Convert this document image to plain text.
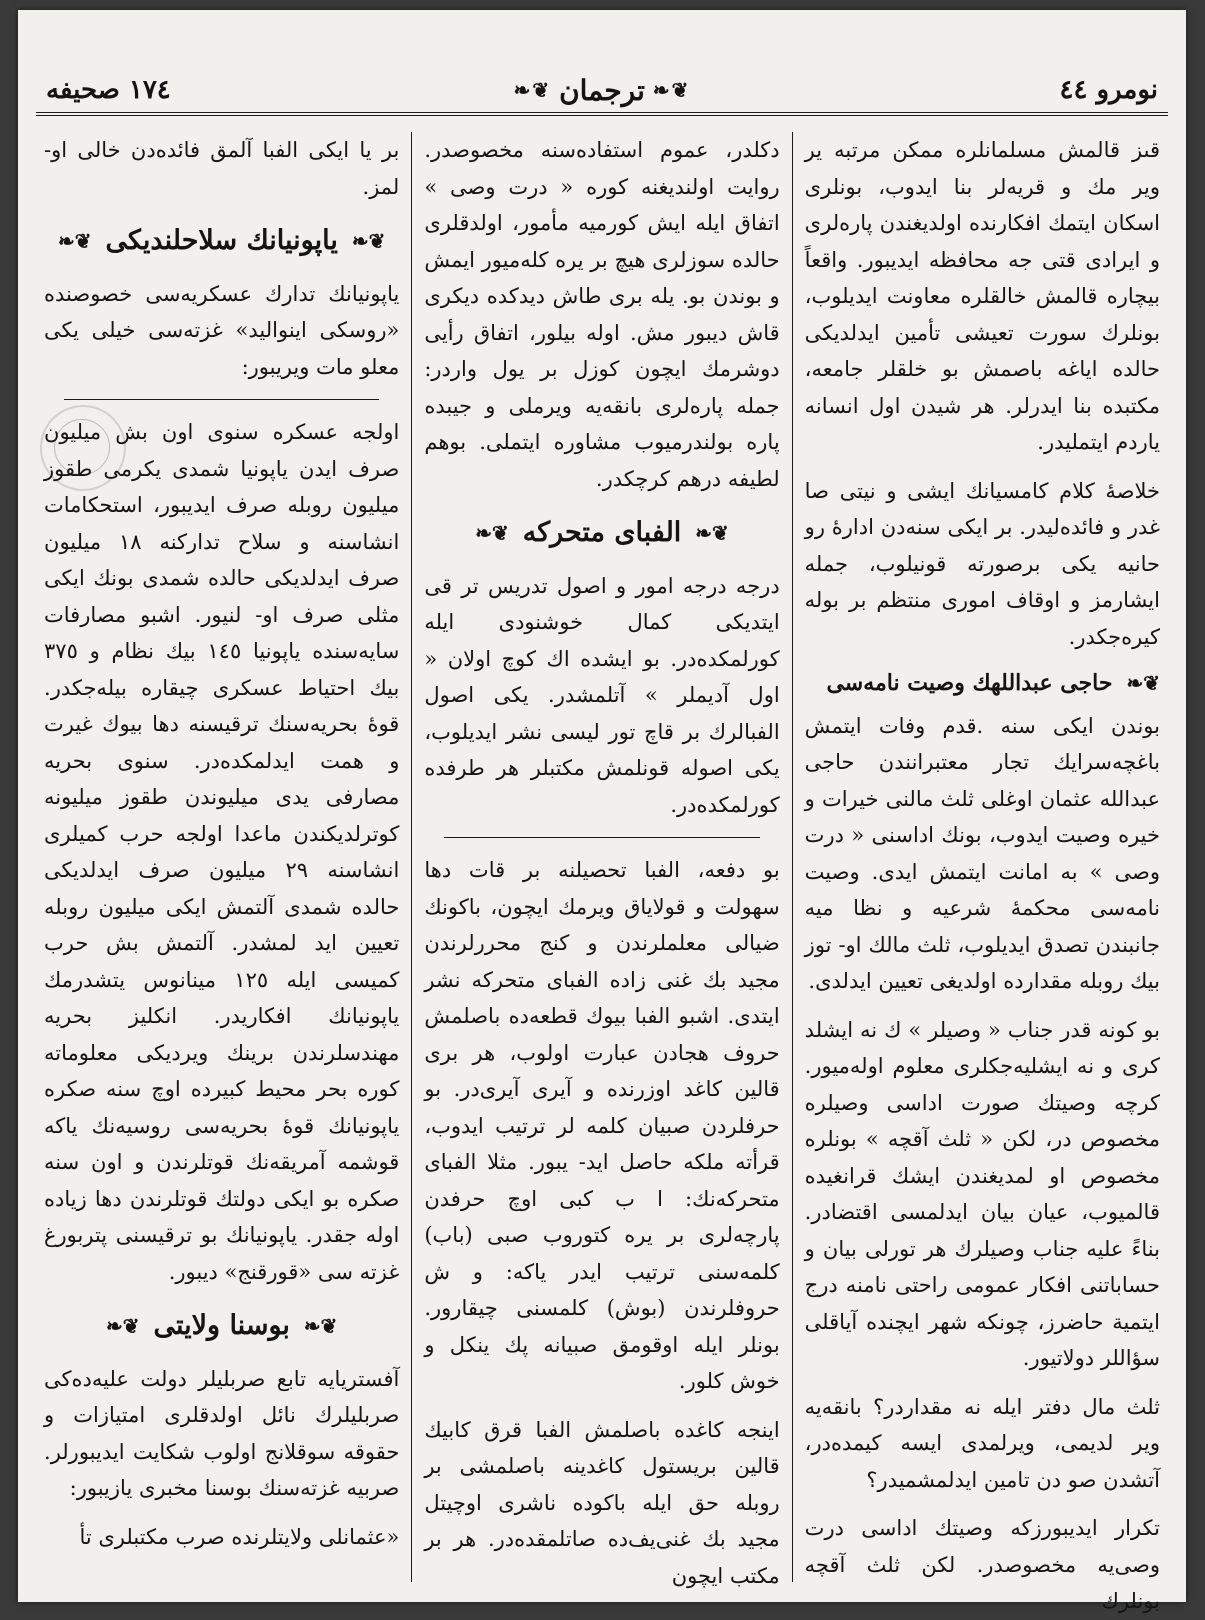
١٧٤ صحيفه	❦❧
ترجمان
❦❧	نومرو ٤٤

قىز قالمش مسلمانلره ممكن مرتبه ير وير مك و قريه‌لر بنا ايدوب، بونلرى اسكان ايتمك افكارنده اولديغندن پاره‌لرى و ايرادى قتى جه محافظه ايديبور. واقعاً بيچاره قالمش خالقلره معاونت ايديلوب، بونلرك سورت تعيشى تأمين ايدلديكى حالده اياغه باصمش بو خلقلر جامعه، مكتبده بنا ايدرلر. هر شيدن اول انسانه ياردم ايتمليدر.

خلاصهٔ كلام كامسيانك ايشى و نيتى صا غدر و فائده‌ليدر. بر ايكى سنه‌دن ادارهٔ رو حانيه يكى برصورته قونيلوب، جمله ايشارمز و اوقاف امورى منتظم بر بوله كيره‌جكدر.

❦❧
حاجى عبداللهك وصيت نامه‌سى

بوندن ايكى سنه .قدم وفات ايتمش باغچه‌سرايك تجار معتبرانندن حاجى عبدالله عثمان اوغلى ثلث مالنى خيرات و خيره وصيت ايدوب، بونك اداسنى « درت وصى » به امانت ايتمش ايدى. وصيت نامه‌سى محكمهٔ شرعيه و نظا ميه جانبندن تصدق ايديلوب، ثلث مالك او- توز بيك روبله مقدارده اولديغى تعيين ايدلدى.

بو كونه قدر جناب « وصيلر » ك نه ايشلد كرى و نه ايشليه‌جكلرى معلوم اوله‌ميور. كرچه وصيتك صورت اداسى وصيلره مخصوص در، لكن « ثلث آقچه » بونلره مخصوص او لمديغندن ايشك قرانغيده قالميوب، عيان بيان ايدلمسى اقتضادر. بناءً عليه جناب وصيلرك هر تورلى بيان و حساباتنى افكار عمومى راحتى نامنه درج ايتمية حاضرز، چونكه شهر ايچنده آياقلى سؤاللر دولاتيور.

ثلث مال دفتر ايله نه مقداردر؟ بانقه‌يه وير لديمى، ويرلمدى ايسه كيمده‌در، آتشدن صو دن تامين ايدلمشميدر؟

تكرار ايديبورزكه وصيتك اداسى درت وصى‌يه مخصوصدر. لكن ثلث آقچه بونلرك

دكلدر، عموم استفاده‌سنه مخصوصدر. روايت اولنديغنه كوره « درت وصى » اتفاق ايله ايش كورميه مأمور، اولدقلرى حالده سوزلرى هيچ بر يره كله‌ميور ايمش و بوندن بو. يله برى طاش ديدكده دیكرى قاش ديبور مش. اوله بيلور، اتفاق رأيى دوشرمك ايچون كوزل بر يول واردر: جمله پاره‌لرى بانقه‌يه ويرملى و جيبده پاره بولندرميوب مشاوره ايتملى. بوهم لطيفه درهم كرچكدر.

❦❧
الفباى متحركه
❦❧

درجه درجه امور و اصول تدريس تر قى ايتديكى كمال خوشنودى ايله كورلمكده‌در. بو ايشده اك كوچ اولان « اول آديملر » آتلمشدر. يكى اصول الفبالرك بر قاچ تور ليسى نشر ايديلوب، يكى اصوله قونلمش مكتبلر هر طرفده كورلمكده‌در.

بو دفعه، الفبا تحصيلنه بر قات دها سهولت و قولاياق ويرمك ايچون، باكونك ضيالى معلملرندن و كنج محررلرندن مجيد بك غنى زاده الفباى متحركه نشر ايتدى. اشبو الفبا بيوك قطعه‌ده باصلمش حروف هجادن عبارت اولوب، هر برى قالين كاغد اوزرنده و آيرى آيرى‌در. بو حرفلردن صبيان كلمه لر ترتيب ايدوب، قرأته ملكه حاصل ايد- يبور. مثلا الفباى متحركه‌نك: ا ب كبى اوچ حرفدن پارچه‌لرى بر يره كتوروب صبى (باب) كلمه‌سنى ترتيب ايدر ياكه: و ش حروفلرندن (بوش) كلمسنى چيقارور. بونلر ايله اوقومق صبيانه پك ينكل و خوش كلور.

اينجه كاغده باصلمش الفبا قرق كابيك قالين بريستول كاغدينه باصلمشى بر روبله حق ايله باكوده ناشرى اوچيتل مجيد بك غنى‌يف‌ده صاتلمقده‌در. هر بر مكتب ايچون

بر يا ايكى الفبا آلمق فائده‌دن خالى او- لمز.

❦❧
ياپونيانك سلاحلنديكى
❦❧

ياپونيانك تدارك عسكريه‌سى خصوصنده «روسكى اينواليد» غزته‌سى خيلى يكى معلو مات ويريبور:

اولجه عسكره سنوى اون بش ميليون صرف ايدن ياپونيا شمدى يكرمى طقوز ميليون روبله صرف ايديبور، استحكامات انشاسنه و سلاح تداركنه ١٨ ميليون صرف ايدلديكى حالده شمدى بونك ايكى مثلى صرف او- لنيور. اشبو مصارفات سايه‌سنده ياپونيا ١٤٥ بيك نظام و ٣٧٥ بيك احتياط عسكرى چيقاره بيله‌جكدر. قوهٔ بحريه‌سنك ترقيسنه دها بيوك غيرت و همت ايدلمكده‌در. سنوى بحريه مصارفى يدى ميليوندن طقوز ميليونه كوترلديكندن ماعدا اولجه حرب كميلرى انشاسنه ٢٩ ميليون صرف ايدلديكى حالده شمدى آلتمش ايكى ميليون روبله تعيين ايد لمشدر. آلتمش بش حرب كميسى ايله ١٢٥ مينانوس يتشدرمك ياپونيانك افكاريدر. انكليز بحريه مهندسلرندن برينك ويرديكى معلوماته كوره بحر محيط كبيرده اوچ سنه صكره ياپونيانك قوهٔ بحريه‌سى روسيه‌نك ياكه قوشمه آمريقه‌نك قوتلرندن و اون سنه صكره بو ايكى دولتك قوتلرندن دها زياده اوله جقدر. ياپونيانك بو ترقيسنى پتربورغ غزته سى «قورقنج» ديبور.

❦❧
بوسنا ولايتى
❦❧

آفستريايه تابع صربليلر دولت عليه‌ده‌كى صربليلرك نائل اولدقلرى امتيازات و حقوقه سوقلانج اولوب شكايت ايديبورلر. صربيه غزته‌سنك بوسنا مخبرى يازيبور:

«عثمانلى ولايتلرنده صرب مكتبلرى تأ
